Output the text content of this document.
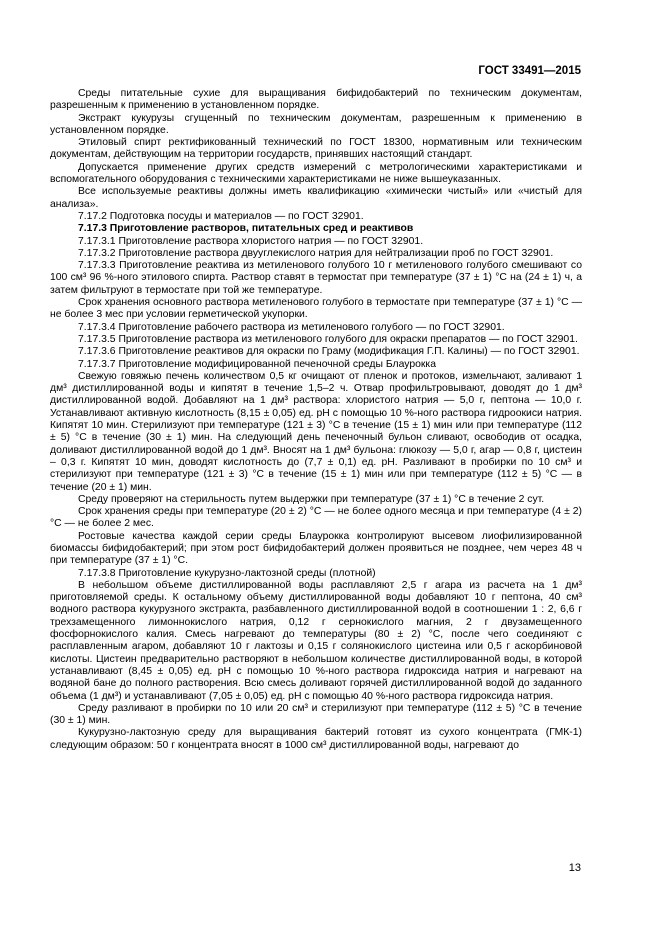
ГОСТ 33491—2015

Среды питательные сухие для выращивания бифидобактерий по техническим документам, разрешенным к применению в установленном порядке.

Экстракт кукурузы сгущенный по техническим документам, разрешенным к применению в установленном порядке.

Этиловый спирт ректификованный технический по ГОСТ 18300, нормативным или техническим документам, действующим на территории государств, принявших настоящий стандарт.

Допускается применение других средств измерений с метрологическими характеристиками и вспомогательного оборудования с техническими характеристиками не ниже вышеуказанных.

Все используемые реактивы должны иметь квалификацию «химически чистый» или «чистый для анализа».

7.17.2 Подготовка посуды и материалов — по ГОСТ 32901.

7.17.3 Приготовление растворов, питательных сред и реактивов

7.17.3.1 Приготовление раствора хлористого натрия — по ГОСТ 32901.

7.17.3.2 Приготовление раствора двууглекислого натрия для нейтрализации проб по ГОСТ 32901.

7.17.3.3 Приготовление реактива из метиленового голубого 10 г метиленового голубого смешивают со 100 см³ 96 %-ного этилового спирта. Раствор ставят в термостат при температуре (37 ± 1) °С на (24 ± 1) ч, а затем фильтруют в термостате при той же температуре.

Срок хранения основного раствора метиленового голубого в термостате при температуре (37 ± 1) °С — не более 3 мес при условии герметической укупорки.

7.17.3.4 Приготовление рабочего раствора из метиленового голубого — по ГОСТ 32901.

7.17.3.5 Приготовление раствора из метиленового голубого для окраски препаратов — по ГОСТ 32901.

7.17.3.6 Приготовление реактивов для окраски по Граму (модификация Г.П. Калины) — по ГОСТ 32901.

7.17.3.7 Приготовление модифицированной печеночной среды Блаурокка

Свежую говяжью печень количеством 0,5 кг очищают от пленок и протоков, измельчают, заливают 1 дм³ дистиллированной воды и кипятят в течение 1,5–2 ч. Отвар профильтровывают, доводят до 1 дм³ дистиллированной водой. Добавляют на 1 дм³ раствора: хлористого натрия — 5,0 г, пептона — 10,0 г. Устанавливают активную кислотность (8,15 ± 0,05) ед. рН с помощью 10 %-ного раствора гидроокиси натрия. Кипятят 10 мин. Стерилизуют при температуре (121 ± 3) °С в течение (15 ± 1) мин или при температуре (112 ± 5) °С в течение (30 ± 1) мин. На следующий день печеночный бульон сливают, освободив от осадка, доливают дистиллированной водой до 1 дм³. Вносят на 1 дм³ бульона: глюкозу — 5,0 г, агар — 0,8 г, цистеин – 0,3 г. Кипятят 10 мин, доводят кислотность до (7,7 ± 0,1) ед. рН. Разливают в пробирки по 10 см³ и стерилизуют при температуре (121 ± 3) °С в течение (15 ± 1) мин или при температуре (112 ± 5) °С — в течение (20 ± 1) мин.

Среду проверяют на стерильность путем выдержки при температуре (37 ± 1) °С в течение 2 сут.

Срок хранения среды при температуре (20 ± 2) °С — не более одного месяца и при температуре (4 ± 2) °С — не более 2 мес.

Ростовые качества каждой серии среды Блаурокка контролируют высевом лиофилизированной биомассы бифидобактерий; при этом рост бифидобактерий должен проявиться не позднее, чем через 48 ч при температуре (37 ± 1) °С.

7.17.3.8 Приготовление кукурузно-лактозной среды (плотной)

В небольшом объеме дистиллированной воды расплавляют 2,5 г агара из расчета на 1 дм³ приготовляемой среды. К остальному объему дистиллированной воды добавляют 10 г пептона, 40 см³ водного раствора кукурузного экстракта, разбавленного дистиллированной водой в соотношении 1 : 2, 6,6 г трехзамещенного лимоннокислого натрия, 0,12 г сернокислого магния, 2 г двузамещенного фосфорнокислого калия. Смесь нагревают до температуры (80 ± 2) °С, после чего соединяют с расплавленным агаром, добавляют 10 г лактозы и 0,15 г солянокислого цистеина или 0,5 г аскорбиновой кислоты. Цистеин предварительно растворяют в небольшом количестве дистиллированной воды, в которой устанавливают (8,45 ± 0,05) ед. рН с помощью 10 %-ного раствора гидроксида натрия и нагревают на водяной бане до полного растворения. Всю смесь доливают горячей дистиллированной водой до заданного объема (1 дм³) и устанавливают (7,05 ± 0,05) ед. рН с помощью 40 %-ного раствора гидроксида натрия.

Среду разливают в пробирки по 10 или 20 см³ и стерилизуют при температуре (112 ± 5) °С в течение (30 ± 1) мин.

Кукурузно-лактозную среду для выращивания бактерий готовят из сухого концентрата (ГМК-1) следующим образом: 50 г концентрата вносят в 1000 см³ дистиллированной воды, нагревают до

13
